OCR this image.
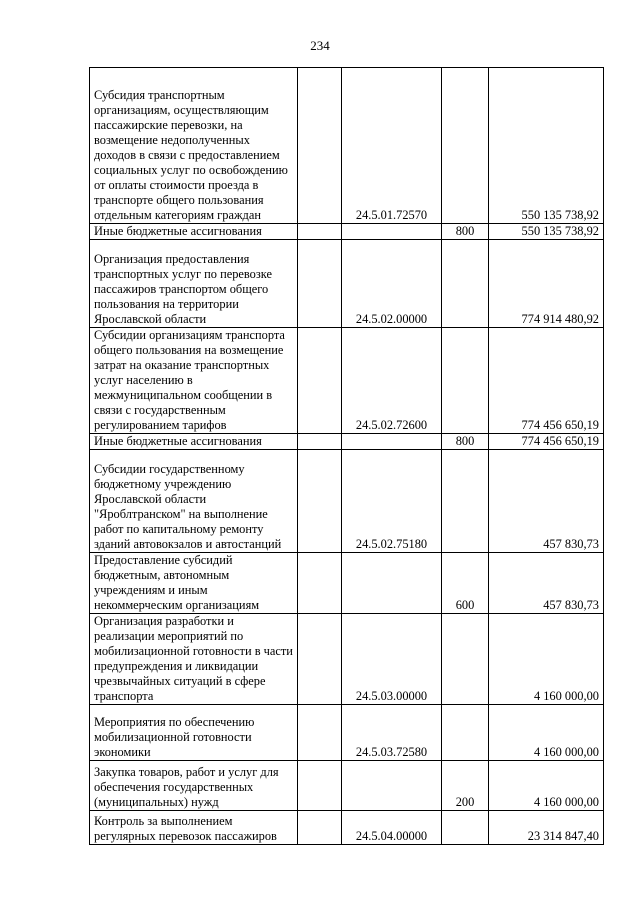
234
Субсидия транспортным организациям, осуществляющим пассажирские перевозки, на возмещение недополученных доходов в связи с предоставлением социальных услуг по освобождению от оплаты стоимости проезда в транспорте общего пользования отдельным категориям граждан		24.5.01.72570		550 135 738,92
Иные бюджетные ассигнования			800	550 135 738,92
Организация предоставления транспортных услуг по перевозке пассажиров транспортом общего пользования на территории Ярославской области		24.5.02.00000		774 914 480,92
Субсидии организациям транспорта общего пользования на возмещение затрат на оказание транспортных услуг населению в межмуниципальном сообщении в связи с государственным регулированием тарифов		24.5.02.72600		774 456 650,19
Иные бюджетные ассигнования			800	774 456 650,19
Субсидии государственному бюджетному учреждению Ярославской области "Яроблтранском" на выполнение работ по капитальному ремонту зданий автовокзалов и автостанций		24.5.02.75180		457 830,73
Предоставление субсидий бюджетным, автономным учреждениям и иным некоммерческим организациям			600	457 830,73
Организация разработки и реализации мероприятий по мобилизационной готовности в части предупреждения и ликвидации чрезвычайных ситуаций в сфере транспорта		24.5.03.00000		4 160 000,00
Мероприятия по обеспечению мобилизационной готовности экономики		24.5.03.72580		4 160 000,00
Закупка товаров, работ и услуг для обеспечения государственных (муниципальных) нужд			200	4 160 000,00
Контроль за выполнением регулярных перевозок пассажиров		24.5.04.00000		23 314 847,40
